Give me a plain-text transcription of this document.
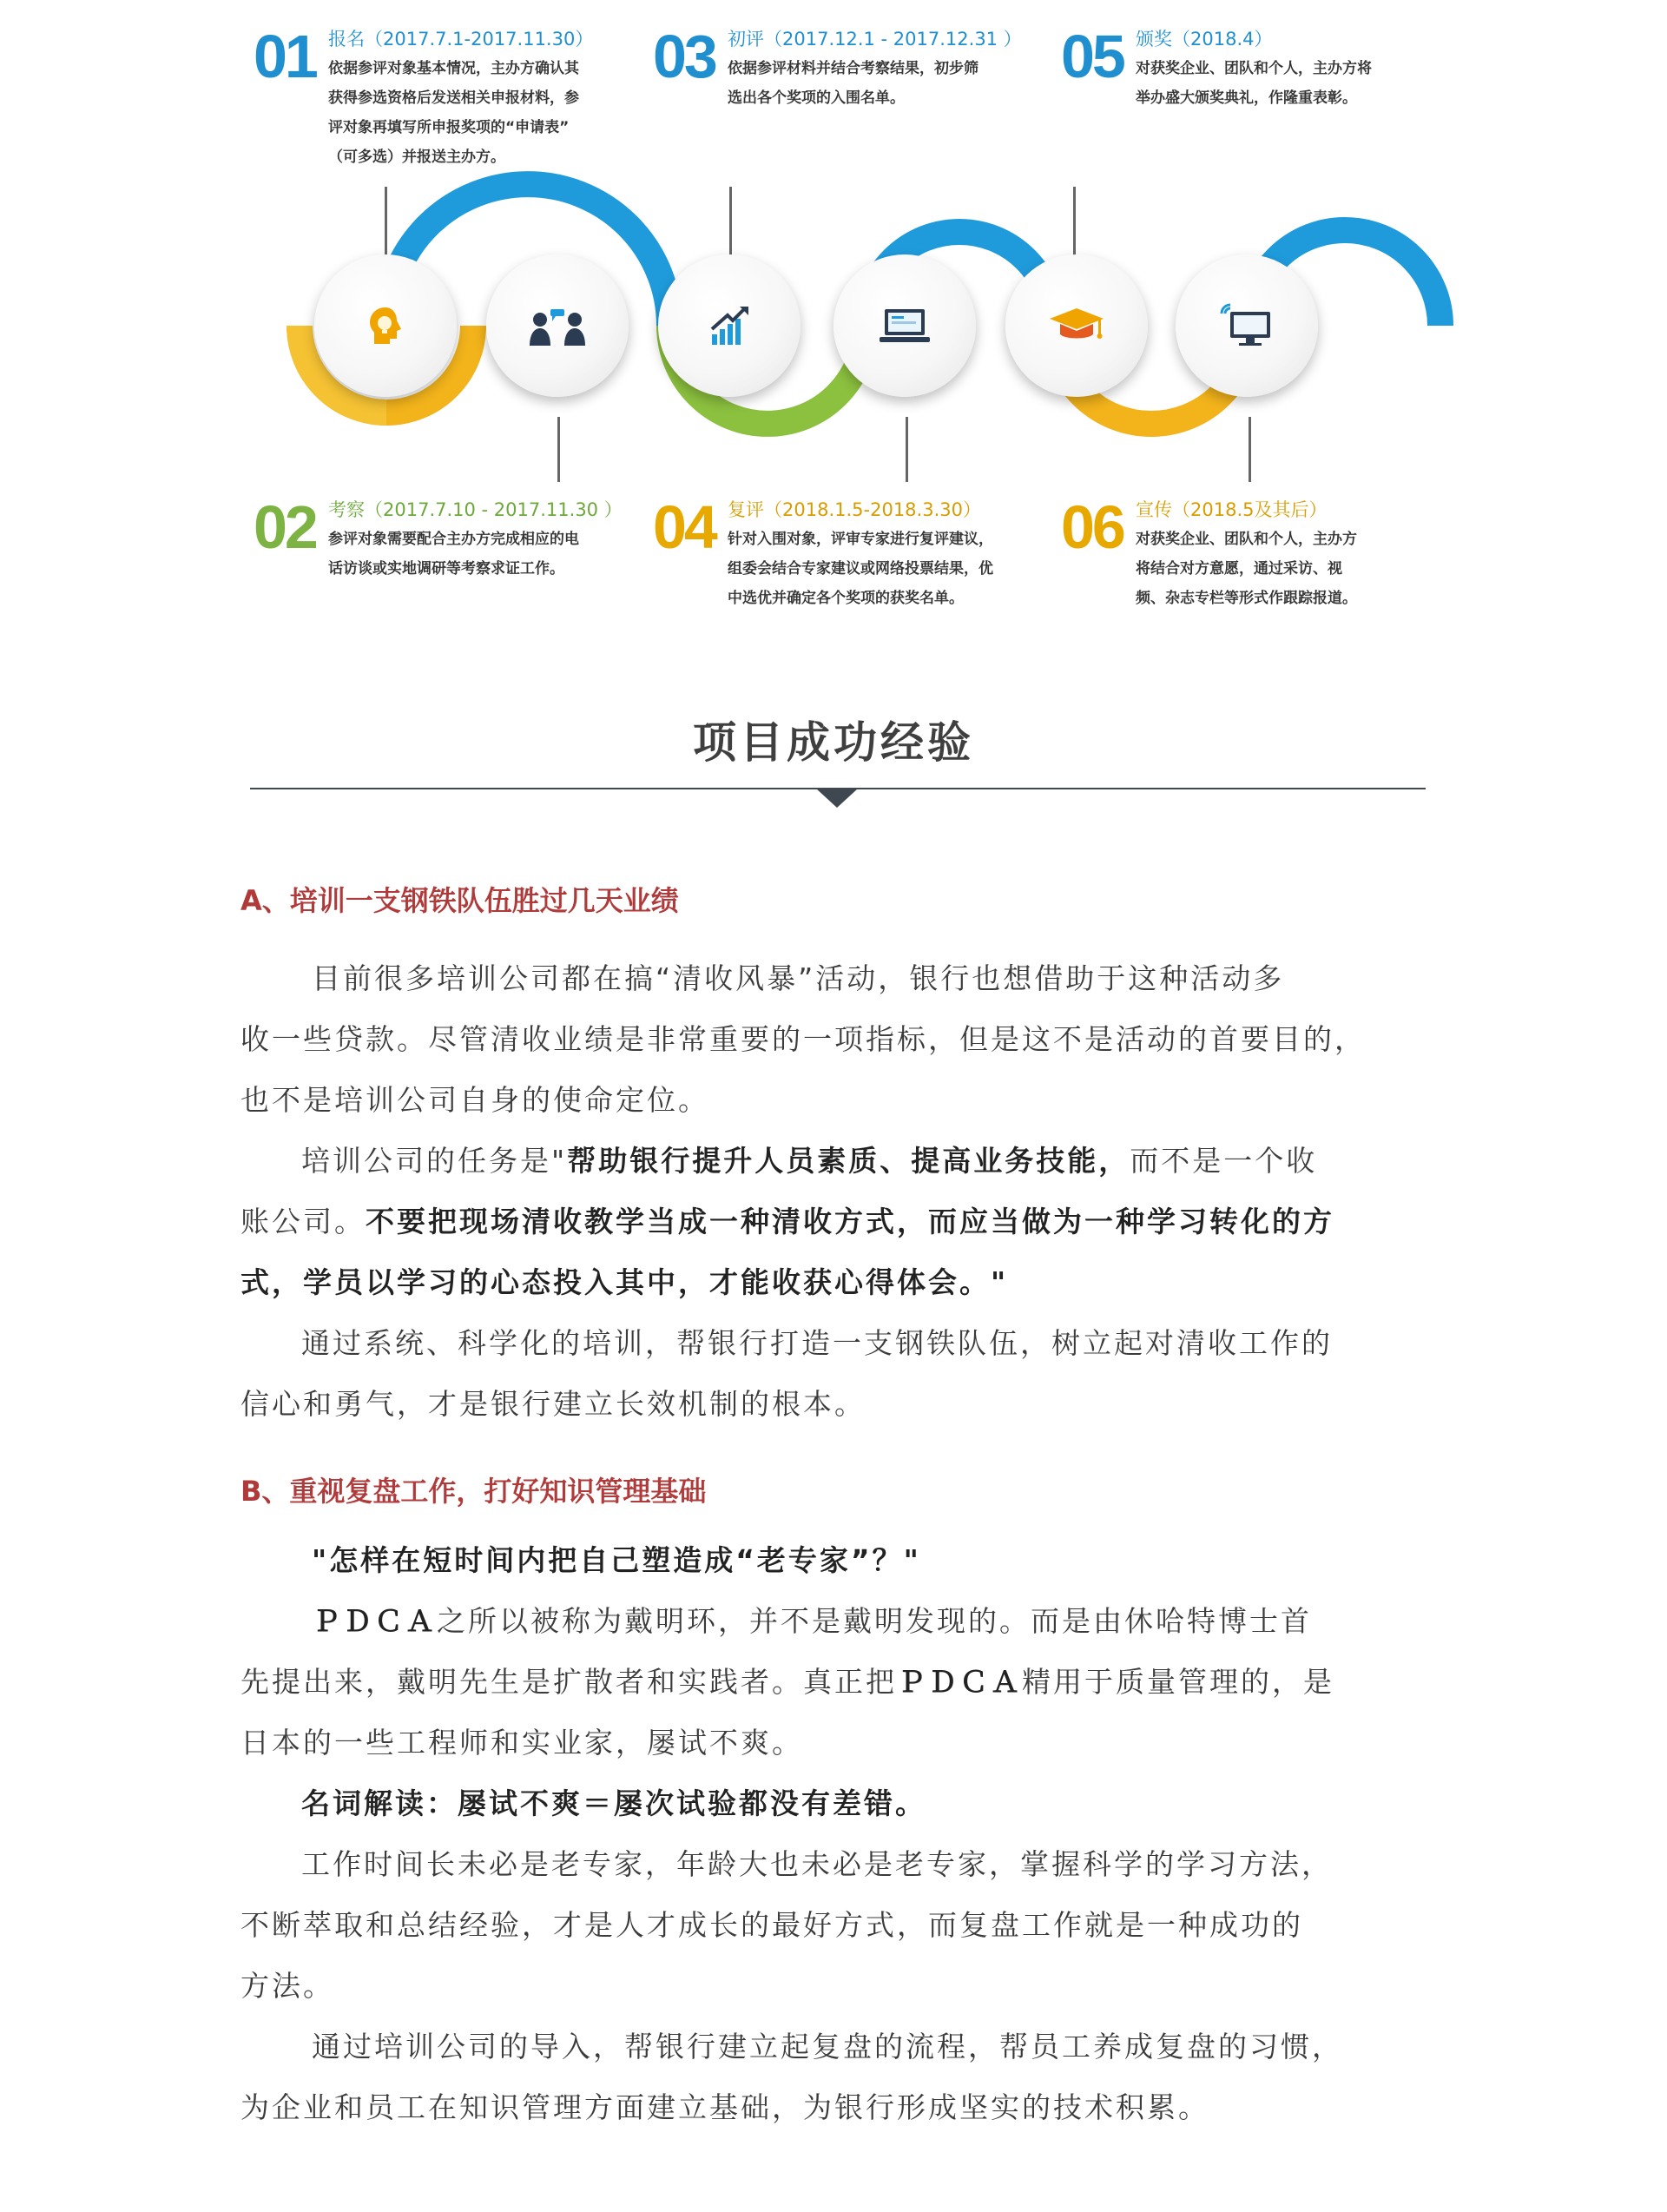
01 报名（2017.7.1-2017.11.30）
依据参评对象基本情况，主办方确认其
获得参选资格后发送相关申报材料，参
评对象再填写所申报奖项的“申请表”
（可多选）并报送主办方。
03 初评（2017.12.1 - 2017.12.31 ）
依据参评材料并结合考察结果，初步筛
选出各个奖项的入围名单。
05 颁奖（2018.4）
对获奖企业、团队和个人，主办方将
举办盛大颁奖典礼，作隆重表彰。
02 考察（2017.7.10 - 2017.11.30 ）
参评对象需要配合主办方完成相应的电
话访谈或实地调研等考察求证工作。
04 复评（2018.1.5-2018.3.30）
针对入围对象，评审专家进行复评建议，
组委会结合专家建议或网络投票结果，优
中选优并确定各个奖项的获奖名单。
06 宣传（2018.5及其后）
对获奖企业、团队和个人，主办方
将结合对方意愿，通过采访、视
频、杂志专栏等形式作跟踪报道。
项目成功经验
A、培训一支钢铁队伍胜过几天业绩

目前很多培训公司都在搞“清收风暴”活动，银行也想借助于这种活动多
收一些贷款。尽管清收业绩是非常重要的一项指标，但是这不是活动的首要目的，
也不是培训公司自身的使命定位。

培训公司的任务是"帮助银行提升人员素质、提高业务技能，而不是一个收
账公司。不要把现场清收教学当成一种清收方式，而应当做为一种学习转化的方
式，学员以学习的心态投入其中，才能收获心得体会。"

通过系统、科学化的培训，帮银行打造一支钢铁队伍，树立起对清收工作的
信心和勇气，才是银行建立长效机制的根本。

B、重视复盘工作，打好知识管理基础

"怎样在短时间内把自己塑造成“老专家”？"

ＰＤＣＡ之所以被称为戴明环，并不是戴明发现的。而是由休哈特博士首
先提出来，戴明先生是扩散者和实践者。真正把ＰＤＣＡ精用于质量管理的，是
日本的一些工程师和实业家，屡试不爽。

名词解读：屡试不爽＝屡次试验都没有差错。

工作时间长未必是老专家，年龄大也未必是老专家，掌握科学的学习方法，
不断萃取和总结经验，才是人才成长的最好方式，而复盘工作就是一种成功的
方法。

通过培训公司的导入，帮银行建立起复盘的流程，帮员工养成复盘的习惯，
为企业和员工在知识管理方面建立基础，为银行形成坚实的技术积累。
